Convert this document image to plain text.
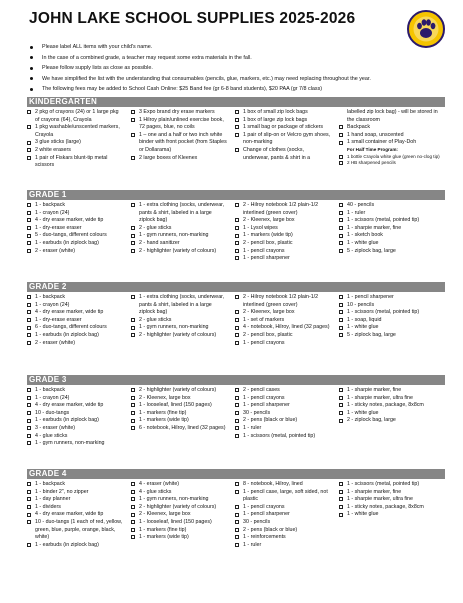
JOHN LAKE SCHOOL SUPPLIES 2025-2026
Please label ALL items with your child's name.
In the case of a combined grade, a teacher may request some extra materials in the fall.
Please follow supply lists as close as possible.
We have simplified the list with the understanding that consumables (pencils, glue, markers, etc.) may need replacing throughout the year.
The following fees may be added to School Cash Online: $25 Band fee (gr 6-8 band students), $20 PAA (gr 7/8 class)
KINDERGARTEN
2 pkg of crayons (24) or 1 large pkg of crayons (64), Crayola
1 pkg washable/unscented markers, Crayola
3 glue sticks (large)
2 white erasers
1 pair of Fiskars blunt-tip metal scissors
3 Expo brand dry erase markers
1 Hilroy plain/unlined exercise book, 72 pages, blue, no coils
1 – one and a half or two inch white binder with front pocket (from Staples or Dollarama)
2 large boxes of Kleenex
1 box of small zip lock bags
1 box of large zip lock bags
1 small bag or package of stickers
1 pair of slip-on or Velcro gym shoes, non-marking
Change of clothes (socks, underwear, pants & shirt in a
labelled zip lock bag) - will be stored in the classroom
Backpack
1 hand soap, unscented
1 small container of Play-Doh
For Half Time Program:
1 bottle Crayola white glue (green no-clog tip)
2 HB sharpened pencils
GRADE 1
1 - backpack
1 - crayon (24)
4 - dry erase marker, wide tip
1 - dry-erase eraser
5 - duo-tangs, different colours
1 - earbuds (in ziplock bag)
2 - eraser (white)
1 - extra clothing (socks, underwear, pants & shirt, labeled in a large ziplock bag)
2 - glue sticks
1 - gym runners, non-marking
2 - hand sanitizer
2 - highlighter (variety of colours)
2 - Hilroy notebook 1/2 plain-1/2 interlined (green cover)
2 - Kleenex, large box
1 - Lysol wipes
1 - markers (wide tip)
2 - pencil box, plastic
1 - pencil crayons
1 - pencil sharpener
40 - pencils
1 - ruler
1 - scissors (metal, pointed tip)
1 - sharpie marker, fine
1 - sketch book
1 - white glue
5 - ziplock bag, large
GRADE 2
1 - backpack
1 - crayon (24)
4 - dry erase marker, wide tip
1 - dry-erase eraser
6 - duo-tangs, different colours
1 - earbuds (in ziplock bag)
2 - eraser (white)
1 - extra clothing (socks, underwear, pants & shirt, labeled in a large ziplock bag)
2 - glue sticks
1 - gym runners, non-marking
2 - highlighter (variety of colours)
2 - Hilroy notebook 1/2 plain-1/2 interlined (green cover)
2 - Kleenex, large box
1 - set of markers
4 - notebook, Hilroy, lined (32 pages)
2 - pencil box, plastic
1 - pencil crayons
1 - pencil sharpener
10 - pencils
1 - scissors (metal, pointed tip)
1 - soap, liquid
1 - white glue
5 - ziplock bag, large
GRADE 3
1 - backpack
1 - crayon (24)
4 - dry erase marker, wide tip
10 - duo-tangs
1 - earbuds (in ziplock bag)
3 - eraser (white)
4 - glue sticks
1 - gym runners, non-marking
2 - highlighter (variety of colours)
2 - Kleenex, large box
1 - looseleaf, lined (150 pages)
1 - markers (fine tip)
1 - markers (wide tip)
6 - notebook, Hilroy, lined (32 pages)
2 - pencil cases
1 - pencil crayons
1 - pencil sharpener
30 - pencils
2 - pens (black or blue)
1 - ruler
1 - scissors (metal, pointed tip)
1 - sharpie marker, fine
1 - sharpie marker, ultra fine
1 - sticky notes, package, 8x8cm
1 - white glue
2 - ziplock bag, large
GRADE 4
1 - backpack
1 - binder 2", no zipper
1 - day planner
1 - dividers
4 - dry erase marker, wide tip
10 - duo-tangs (1 each of red, yellow, green, blue, purple, orange, black, white)
1 - earbuds (in ziplock bag)
4 - eraser (white)
4 - glue sticks
1 - gym runners, non-marking
2 - highlighter (variety of colours)
2 - Kleenex, large box
1 - looseleaf, lined (150 pages)
1 - markers (fine tip)
1 - markers (wide tip)
8 - notebook, Hilroy, lined
1 - pencil case, large, soft sided, not plastic
1 - pencil crayons
1 - pencil sharpener
30 - pencils
2 - pens (black or blue)
1 - reinforcements
1 - ruler
1 - scissors (metal, pointed tip)
1 - sharpie marker, fine
1 - sharpie marker, ultra fine
1 - sticky notes, package, 8x8cm
1 - white glue
